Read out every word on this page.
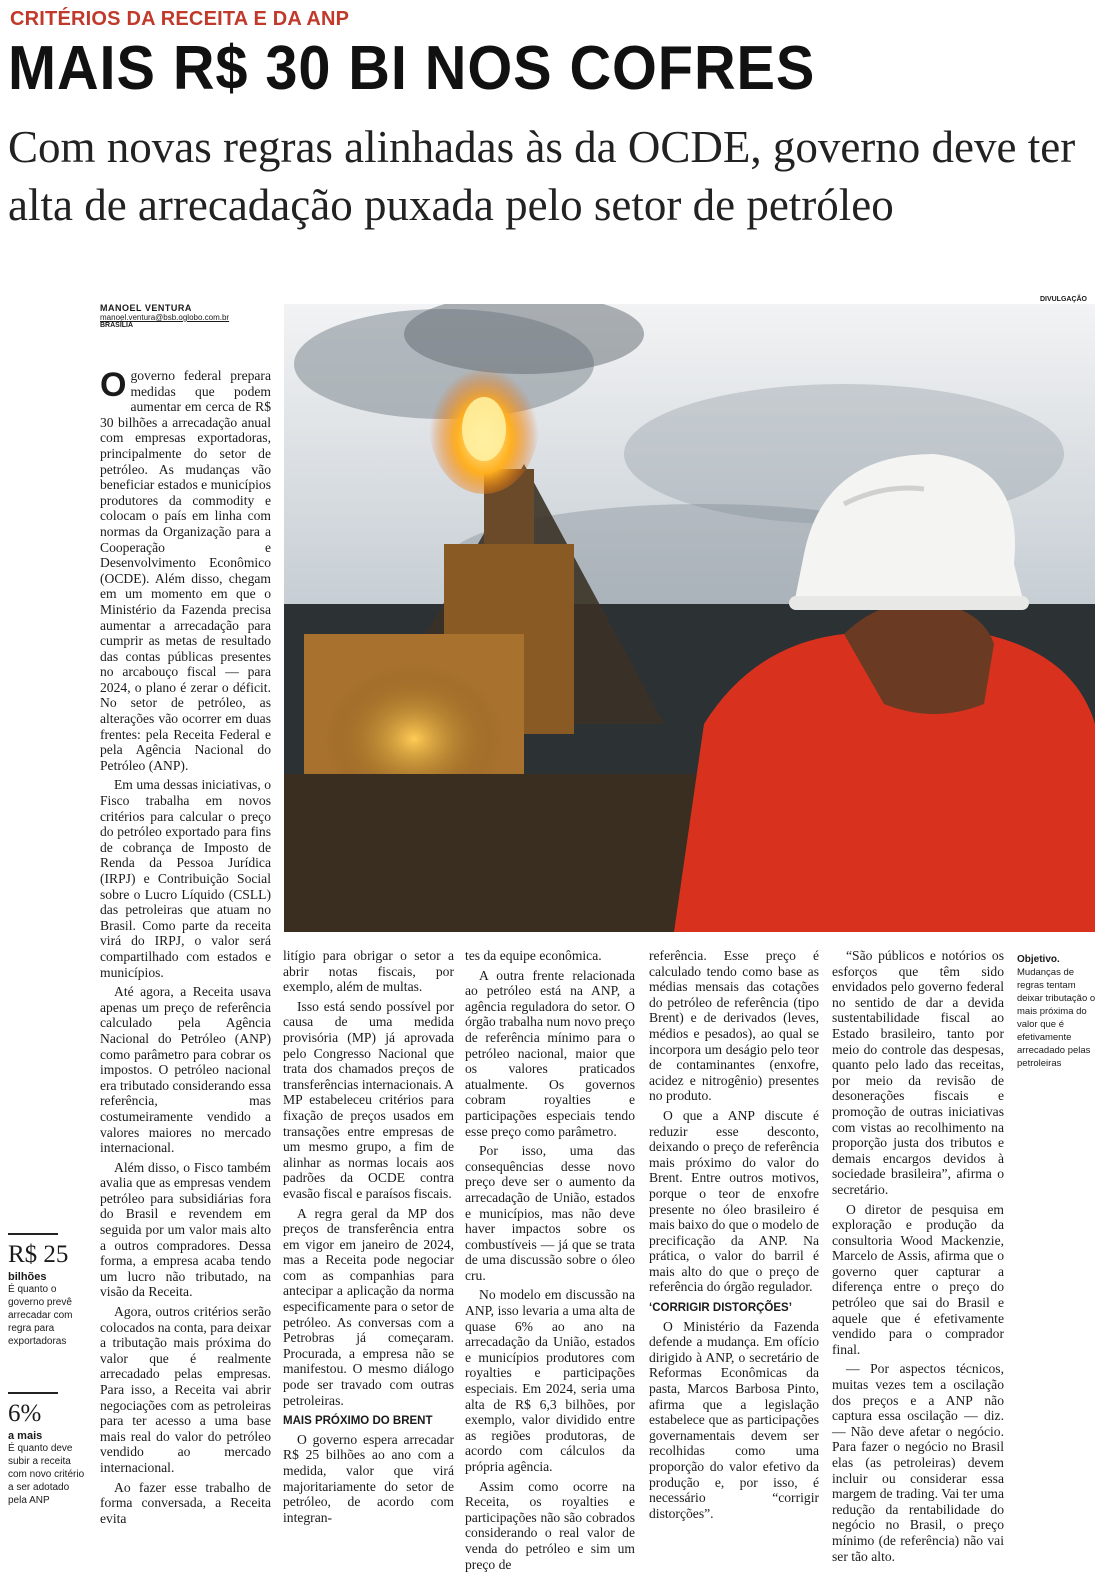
CRITÉRIOS DA RECEITA E DA ANP
MAIS R$ 30 BI NOS COFRES
Com novas regras alinhadas às da OCDE, governo deve ter alta de arrecadação puxada pelo setor de petróleo
MANOEL VENTURA
manoel.ventura@bsb.oglobo.com.br
BRASÍLIA
DIVULGAÇÃO

Ogoverno federal prepara medidas que podem aumentar em cerca de R$ 30 bilhões a arrecadação anual com empresas exportadoras, principalmente do setor de petróleo. As mudanças vão beneficiar estados e municípios produtores da commodity e colocam o país em linha com normas da Organização para a Cooperação e Desenvolvimento Econômico (OCDE). Além disso, chegam em um momento em que o Ministério da Fazenda precisa aumentar a arrecadação para cumprir as metas de resultado das contas públicas presentes no arcabouço fiscal — para 2024, o plano é zerar o déficit. No setor de petróleo, as alterações vão ocorrer em duas frentes: pela Receita Federal e pela Agência Nacional do Petróleo (ANP).

Em uma dessas iniciativas, o Fisco trabalha em novos critérios para calcular o preço do petróleo exportado para fins de cobrança de Imposto de Renda da Pessoa Jurídica (IRPJ) e Contribuição Social sobre o Lucro Líquido (CSLL) das petroleiras que atuam no Brasil. Como parte da receita virá do IRPJ, o valor será compartilhado com estados e municípios.

Até agora, a Receita usava apenas um preço de referência calculado pela Agência Nacional do Petróleo (ANP) como parâmetro para cobrar os impostos. O petróleo nacional era tributado considerando essa referência, mas costumeiramente vendido a valores maiores no mercado internacional.

Além disso, o Fisco também avalia que as empresas vendem petróleo para subsidiárias fora do Brasil e revendem em seguida por um valor mais alto a outros compradores. Dessa forma, a empresa acaba tendo um lucro não tributado, na visão da Receita.

Agora, outros critérios serão colocados na conta, para deixar a tributação mais próxima do valor que é realmente arrecadado pelas empresas. Para isso, a Receita vai abrir negociações com as petroleiras para ter acesso a uma base mais real do valor do petróleo vendido ao mercado internacional.

Ao fazer esse trabalho de forma conversada, a Receita evita

litígio para obrigar o setor a abrir notas fiscais, por exemplo, além de multas.

Isso está sendo possível por causa de uma medida provisória (MP) já aprovada pelo Congresso Nacional que trata dos chamados preços de transferências internacionais. A MP estabeleceu critérios para fixação de preços usados em transações entre empresas de um mesmo grupo, a fim de alinhar as normas locais aos padrões da OCDE contra evasão fiscal e paraísos fiscais.

A regra geral da MP dos preços de transferência entra em vigor em janeiro de 2024, mas a Receita pode negociar com as companhias para antecipar a aplicação da norma especificamente para o setor de petróleo. As conversas com a Petrobras já começaram. Procurada, a empresa não se manifestou. O mesmo diálogo pode ser travado com outras petroleiras.

MAIS PRÓXIMO DO BRENT

O governo espera arrecadar R$ 25 bilhões ao ano com a medida, valor que virá majoritariamente do setor de petróleo, de acordo com integran-

tes da equipe econômica.

A outra frente relacionada ao petróleo está na ANP, a agência reguladora do setor. O órgão trabalha num novo preço de referência mínimo para o petróleo nacional, maior que os valores praticados atualmente. Os governos cobram royalties e participações especiais tendo esse preço como parâmetro.

Por isso, uma das consequências desse novo preço deve ser o aumento da arrecadação de União, estados e municípios, mas não deve haver impactos sobre os combustíveis — já que se trata de uma discussão sobre o óleo cru.

No modelo em discussão na ANP, isso levaria a uma alta de quase 6% ao ano na arrecadação da União, estados e municípios produtores com royalties e participações especiais. Em 2024, seria uma alta de R$ 6,3 bilhões, por exemplo, valor dividido entre as regiões produtoras, de acordo com cálculos da própria agência.

Assim como ocorre na Receita, os royalties e participações não são cobrados considerando o real valor de venda do petróleo e sim um preço de

referência. Esse preço é calculado tendo como base as médias mensais das cotações do petróleo de referência (tipo Brent) e de derivados (leves, médios e pesados), ao qual se incorpora um deságio pelo teor de contaminantes (enxofre, acidez e nitrogênio) presentes no produto.

O que a ANP discute é reduzir esse desconto, deixando o preço de referência mais próximo do valor do Brent. Entre outros motivos, porque o teor de enxofre presente no óleo brasileiro é mais baixo do que o modelo de precificação da ANP. Na prática, o valor do barril é mais alto do que o preço de referência do órgão regulador.

‘CORRIGIR DISTORÇÕES’

O Ministério da Fazenda defende a mudança. Em ofício dirigido à ANP, o secretário de Reformas Econômicas da pasta, Marcos Barbosa Pinto, afirma que a legislação estabelece que as participações governamentais devem ser recolhidas como uma proporção do valor efetivo da produção e, por isso, é necessário “corrigir distorções”.

“São públicos e notórios os esforços que têm sido envidados pelo governo federal no sentido de dar a devida sustentabilidade fiscal ao Estado brasileiro, tanto por meio do controle das despesas, quanto pelo lado das receitas, por meio da revisão de desonerações fiscais e promoção de outras iniciativas com vistas ao recolhimento na proporção justa dos tributos e demais encargos devidos à sociedade brasileira”, afirma o secretário.

O diretor de pesquisa em exploração e produção da consultoria Wood Mackenzie, Marcelo de Assis, afirma que o governo quer capturar a diferença entre o preço do petróleo que sai do Brasil e aquele que é efetivamente vendido para o comprador final.

— Por aspectos técnicos, muitas vezes tem a oscilação dos preços e a ANP não captura essa oscilação — diz. — Não deve afetar o negócio. Para fazer o negócio no Brasil elas (as petroleiras) devem incluir ou considerar essa margem de trading. Vai ter uma redução da rentabilidade do negócio no Brasil, o preço mínimo (de referência) não vai ser tão alto.

Objetivo.
Mudanças de regras tentam deixar tributação o mais próxima do valor que é efetivamente arrecadado pelas petroleiras
R$ 25
bilhões
É quanto o governo prevê arrecadar com regra para exportadoras
6%
a mais
É quanto deve subir a receita com novo critério a ser adotado pela ANP
